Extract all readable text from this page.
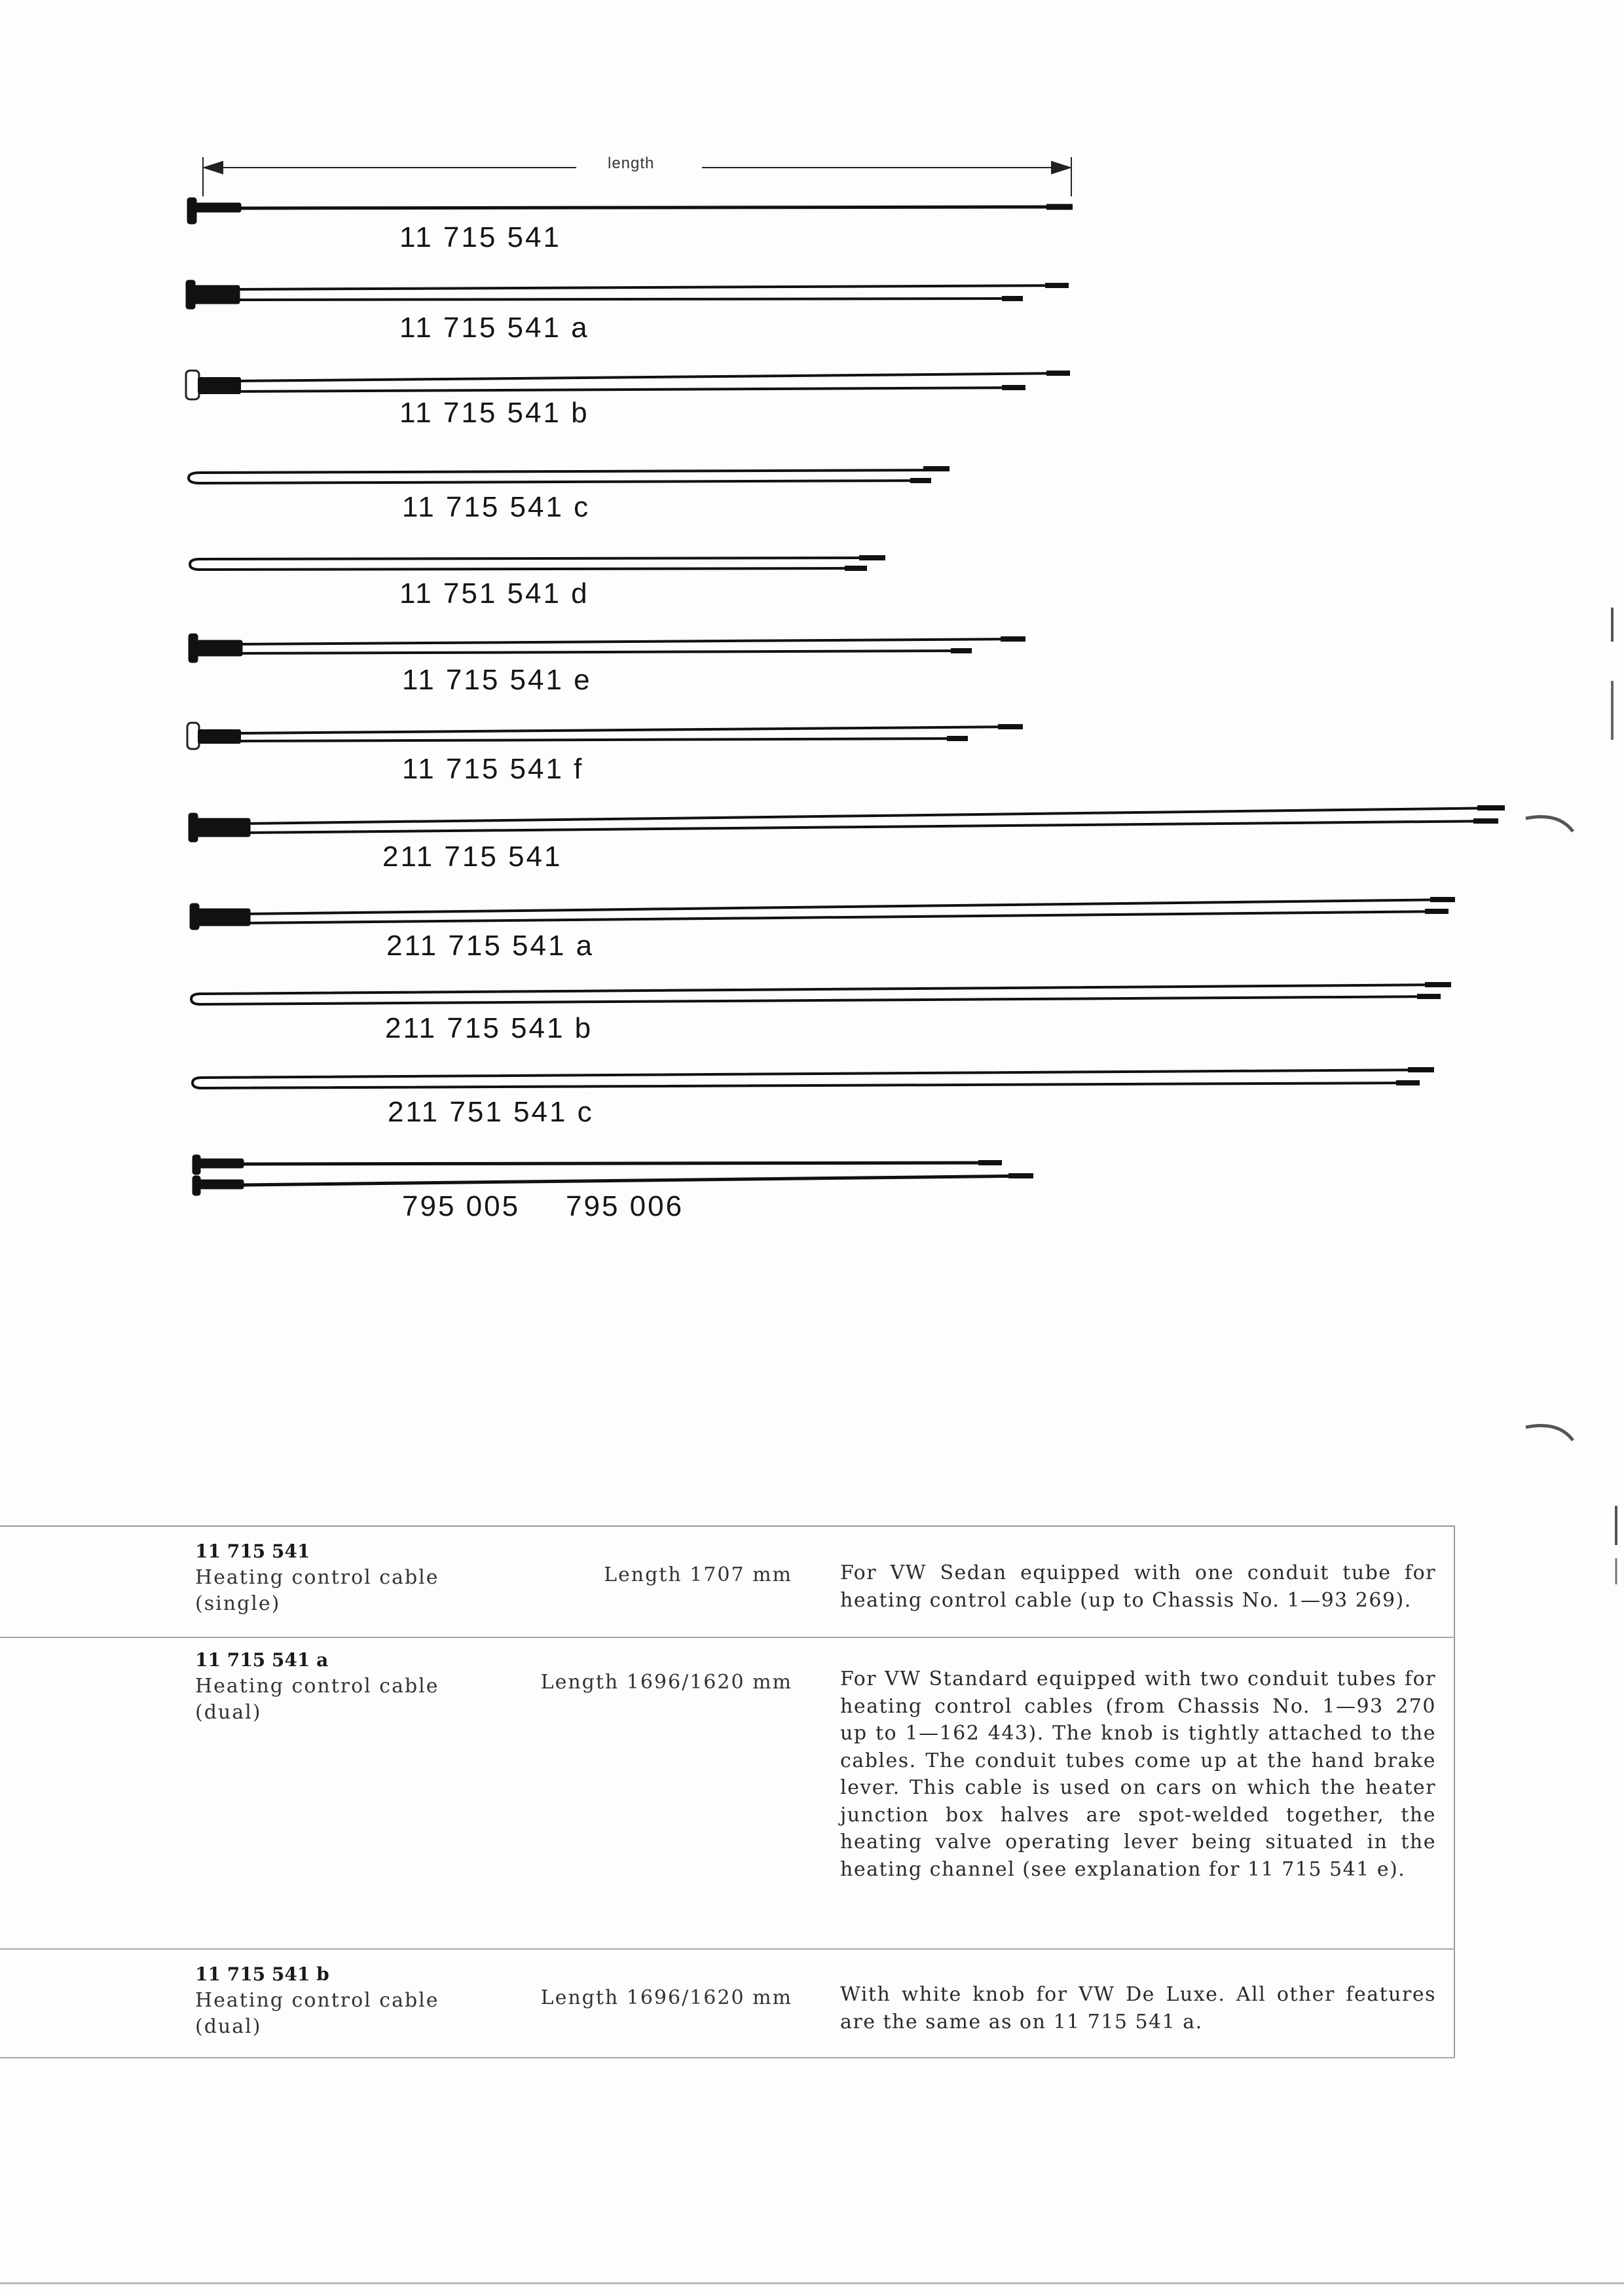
length
11 715 541
11 715 541 a
11 715 541 b
11 715 541 c
11 751 541 d
11 715 541 e
11 715 541 f
211 715 541
211 715 541 a
211 715 541 b
211 751 541 c
795 005 795 006
11 715 541
Heating control cable
(single)
Length 1707 mm For VW Sedan equipped with one conduit tube for heating control cable (up to Chassis No. 1—93 269).
11 715 541 a
Heating control cable
(dual)
Length 1696/1620 mm For VW Standard equipped with two conduit tubes for heating control cables (from Chassis No. 1—93 270 up to 1—162 443). The knob is tightly attached to the cables. The conduit tubes come up at the hand brake lever. This cable is used on cars on which the heater junction box halves are spot-welded together, the heating valve operating lever being situated in the heating channel (see explanation for 11 715 541 e).
11 715 541 b
Heating control cable
(dual)
Length 1696/1620 mm With white knob for VW De Luxe. All other features are the same as on 11 715 541 a.
